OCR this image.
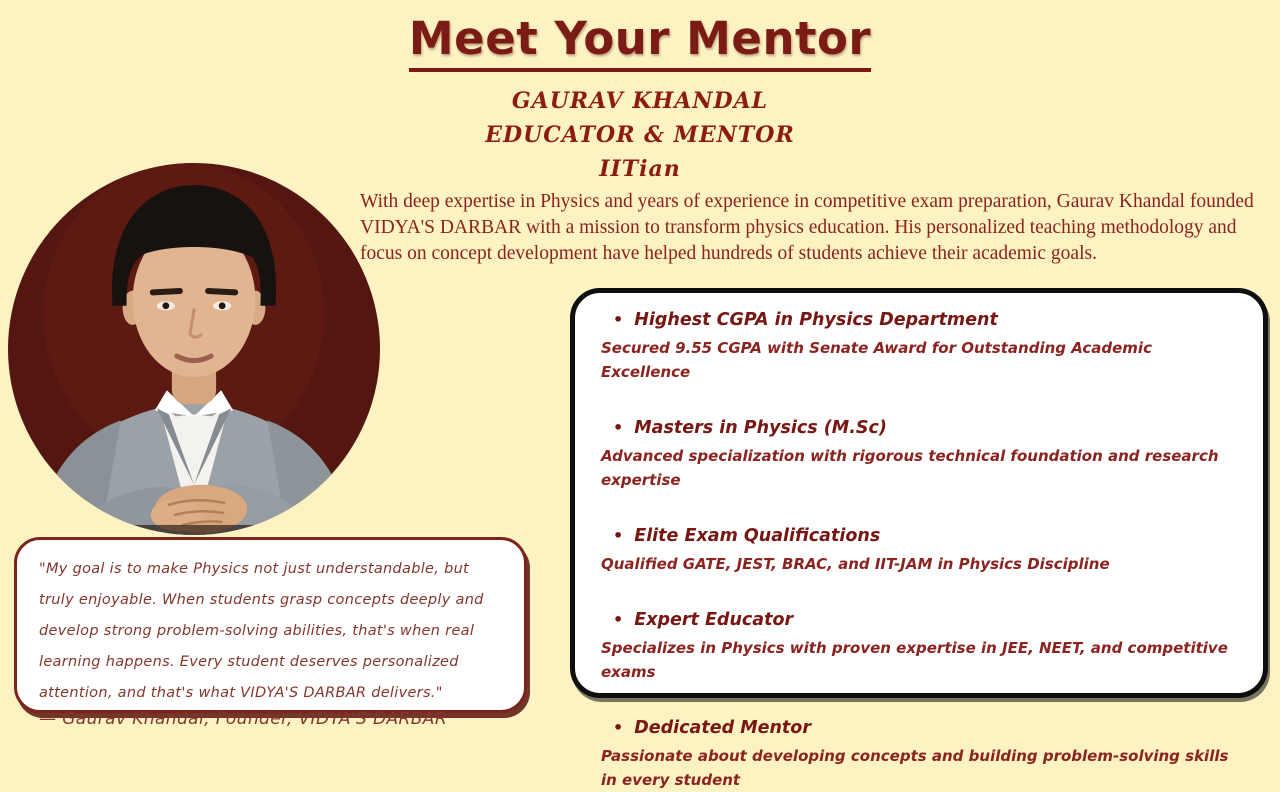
Meet Your Mentor
GAURAV KHANDAL
EDUCATOR & MENTOR
IITian

With deep expertise in Physics and years of experience in competitive exam preparation, Gaurav Khandal founded VIDYA'S DARBAR with a mission to transform physics education. His personalized teaching methodology and focus on concept development have helped hundreds of students achieve their academic goals.

"My goal is to make Physics not just understandable, but truly enjoyable. When students grasp concepts deeply and develop strong problem-solving abilities, that's when real learning happens. Every student deserves personalized attention, and that's what VIDYA'S DARBAR delivers."
— Gaurav Khandal, Founder, VIDYA'S DARBAR
• Highest CGPA in Physics Department
Secured 9.55 CGPA with Senate Award for Outstanding Academic Excellence
• Masters in Physics (M.Sc)
Advanced specialization with rigorous technical foundation and research expertise
• Elite Exam Qualifications
Qualified GATE, JEST, BRAC, and IIT-JAM in Physics Discipline
• Expert Educator
Specializes in Physics with proven expertise in JEE, NEET, and competitive exams
• Dedicated Mentor
Passionate about developing concepts and building problem-solving skills in every student
